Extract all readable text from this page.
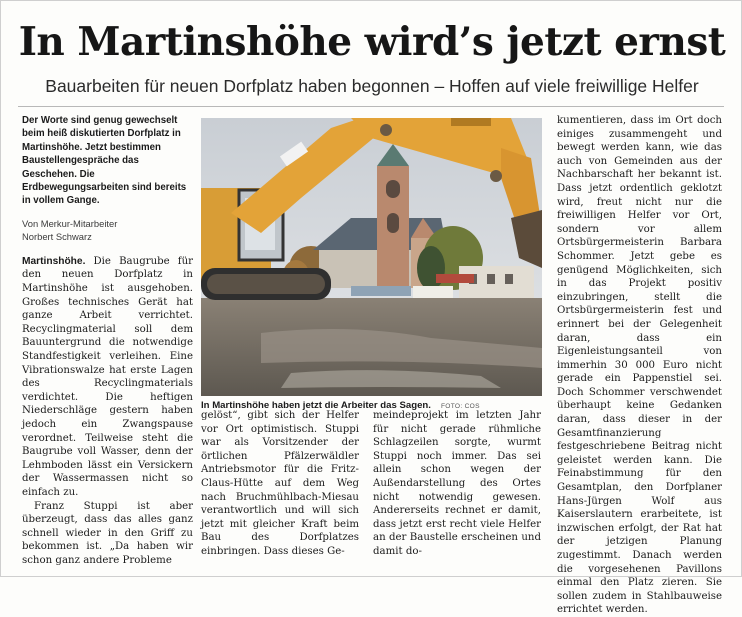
In Martinshöhe wird’s jetzt ernst
Bauarbeiten für neuen Dorfplatz haben begonnen – Hoffen auf viele freiwillige Helfer

Der Worte sind genug gewechselt beim heiß diskutierten Dorfplatz in Martinshöhe. Jetzt bestimmen Baustellengespräche das Geschehen. Die Erdbewegungsarbeiten sind bereits in vollem Gange.

Von Merkur-Mitarbeiter
Norbert Schwarz

Martinshöhe. Die Baugrube für den neuen Dorfplatz in Martinshöhe ist ausgehoben. Großes technisches Gerät hat ganze Arbeit verrichtet. Recyclingmaterial soll dem Bauuntergrund die notwendige Standfestigkeit verleihen. Eine Vibrationswalze hat erste Lagen des Recyclingmaterials verdichtet. Die heftigen Niederschläge gestern haben jedoch ein Zwangspause verordnet. Teilweise steht die Baugrube voll Wasser, denn der Lehmboden lässt ein Versickern der Wassermassen nicht so einfach zu.

Franz Stuppi ist aber überzeugt, dass das alles ganz schnell wieder in den Griff zu bekommen ist. „Da haben wir schon ganz andere Probleme

In Martinshöhe haben jetzt die Arbeiter das Sagen. FOTO: COS

gelöst“, gibt sich der Helfer vor Ort optimistisch. Stuppi war als Vorsitzender der örtlichen Pfälzerwäldler Antriebsmotor für die Fritz-Claus-Hütte auf dem Weg nach Bruchmühlbach-Miesau verantwortlich und will sich jetzt mit gleicher Kraft beim Bau des Dorfplatzes einbringen. Dass dieses Ge-

meindeprojekt im letzten Jahr für nicht gerade rühmliche Schlagzeilen sorgte, wurmt Stuppi noch immer. Das sei allein schon wegen der Außendarstellung des Ortes nicht notwendig gewesen. Andererseits rechnet er damit, dass jetzt erst recht viele Helfer an der Baustelle erscheinen und damit do-

kumentieren, dass im Ort doch einiges zusammengeht und bewegt werden kann, wie das auch von Gemeinden aus der Nachbarschaft her bekannt ist. Dass jetzt ordentlich geklotzt wird, freut nicht nur die freiwilligen Helfer vor Ort, sondern vor allem Ortsbürgermeisterin Barbara Schommer. Jetzt gebe es genügend Möglichkeiten, sich in das Projekt positiv einzubringen, stellt die Ortsbürgermeisterin fest und erinnert bei der Gelegenheit daran, dass ein Eigenleistungsanteil von immerhin 30 000 Euro nicht gerade ein Pappenstiel sei. Doch Schommer verschwendet überhaupt keine Gedanken daran, dass dieser in der Gesamtfinanzierung festgeschriebene Beitrag nicht geleistet werden kann. Die Feinabstimmung für den Gesamtplan, den Dorfplaner Hans-Jürgen Wolf aus Kaiserslautern erarbeitete, ist inzwischen erfolgt, der Rat hat der jetzigen Planung zugestimmt. Danach werden die vorgesehenen Pavillons einmal den Platz zieren. Sie sollen zudem in Stahlbauweise errichtet werden.
